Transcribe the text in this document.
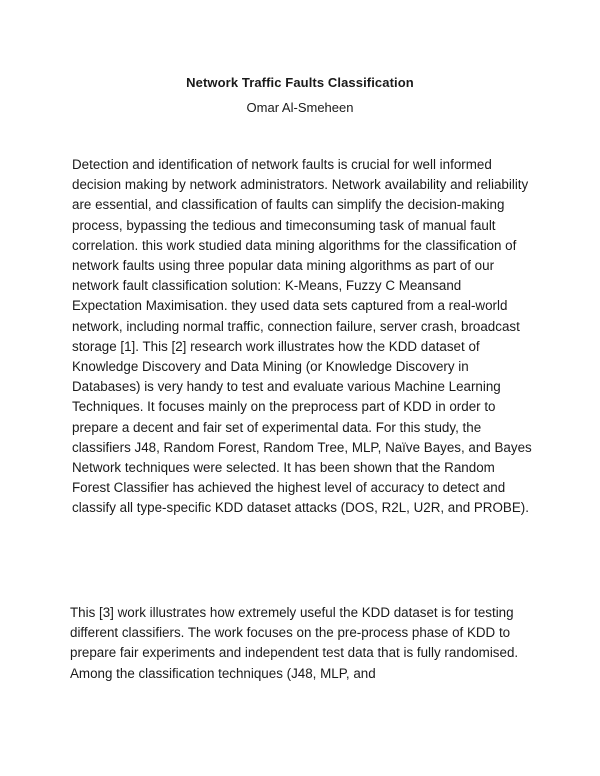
Network Traffic Faults Classification
Omar Al-Smeheen

Detection and identification of network faults is crucial for well informed decision making by network administrators. Network availability and reliability are essential, and classification of faults can simplify the decision-making process, bypassing the tedious and timeconsuming task of manual fault correlation. this work studied data mining algorithms for the classification of network faults using three popular data mining algorithms as part of our network fault classification solution: K-Means, Fuzzy C Meansand Expectation Maximisation. they used data sets captured from a real-world network, including normal traffic, connection failure, server crash, broadcast storage [1]. This [2] research work illustrates how the KDD dataset of Knowledge Discovery and Data Mining (or Knowledge Discovery in Databases) is very handy to test and evaluate various Machine Learning Techniques. It focuses mainly on the preprocess part of KDD in order to prepare a decent and fair set of experimental data. For this study, the classifiers J48, Random Forest, Random Tree, MLP, Naïve Bayes, and Bayes Network techniques were selected. It has been shown that the Random Forest Classifier has achieved the highest level of accuracy to detect and classify all type-specific KDD dataset attacks (DOS, R2L, U2R, and PROBE).

This [3] work illustrates how extremely useful the KDD dataset is for testing different classifiers. The work focuses on the pre-process phase of KDD to prepare fair experiments and independent test data that is fully randomised. Among the classification techniques (J48, MLP, and
